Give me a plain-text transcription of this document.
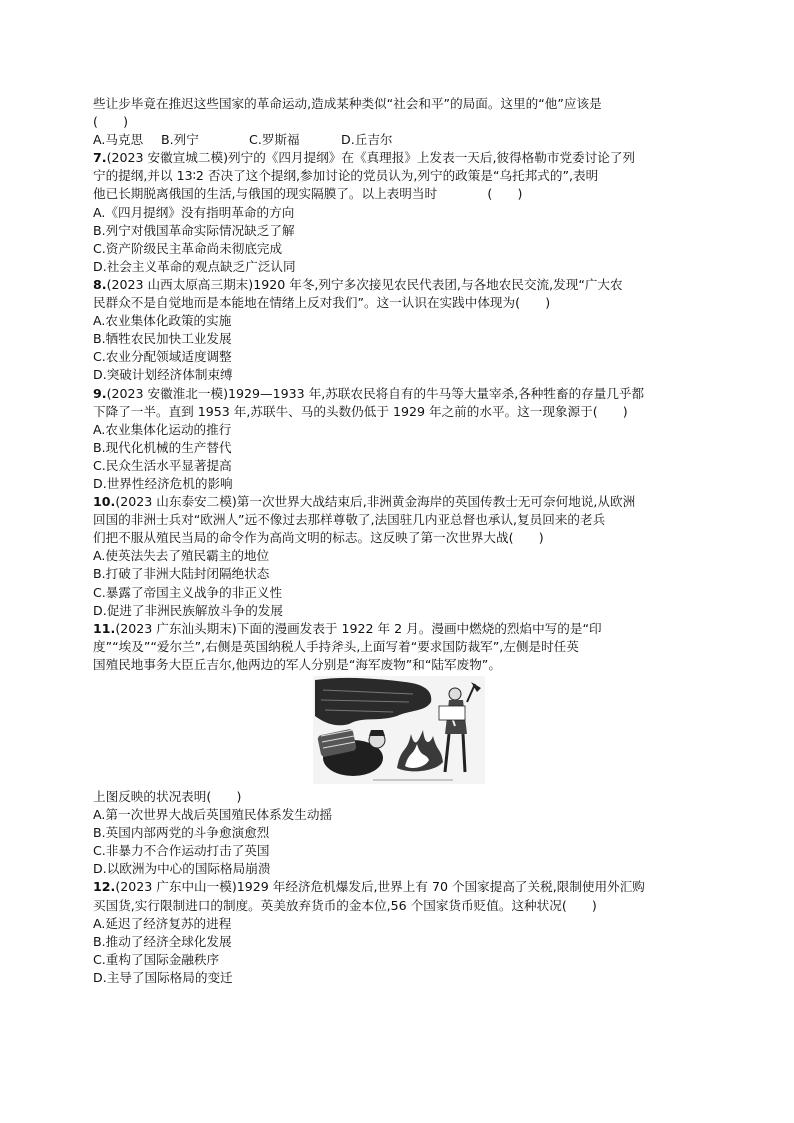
些让步毕竟在推迟这些国家的革命运动,造成某种类似“社会和平”的局面。这里的“他”应该是
(　　)
A.马克思 B.列宁	C.罗斯福	D.丘吉尔
7.(2023 安徽宣城二模)列宁的《四月提纲》在《真理报》上发表一天后,彼得格勒市党委讨论了列
宁的提纲,并以 13∶2 否决了这个提纲,参加讨论的党员认为,列宁的政策是“乌托邦式的”,表明
他已长期脱离俄国的生活,与俄国的现实隔膜了。以上表明当时　　　　(　　)
A.《四月提纲》没有指明革命的方向
B.列宁对俄国革命实际情况缺乏了解
C.资产阶级民主革命尚未彻底完成
D.社会主义革命的观点缺乏广泛认同
8.(2023 山西太原高三期末)1920 年冬,列宁多次接见农民代表团,与各地农民交流,发现“广大农
民群众不是自觉地而是本能地在情绪上反对我们”。这一认识在实践中体现为(　　)
A.农业集体化政策的实施
B.牺牲农民加快工业发展
C.农业分配领域适度调整
D.突破计划经济体制束缚
9.(2023 安徽淮北一模)1929—1933 年,苏联农民将自有的牛马等大量宰杀,各种牲畜的存量几乎都
下降了一半。直到 1953 年,苏联牛、马的头数仍低于 1929 年之前的水平。这一现象源于(　　)
A.农业集体化运动的推行
B.现代化机械的生产替代
C.民众生活水平显著提高
D.世界性经济危机的影响
10.(2023 山东泰安二模)第一次世界大战结束后,非洲黄金海岸的英国传教士无可奈何地说,从欧洲
回国的非洲士兵对“欧洲人”远不像过去那样尊敬了,法国驻几内亚总督也承认,复员回来的老兵
们把不服从殖民当局的命令作为高尚文明的标志。这反映了第一次世界大战(　　)
A.使英法失去了殖民霸主的地位
B.打破了非洲大陆封闭隔绝状态
C.暴露了帝国主义战争的非正义性
D.促进了非洲民族解放斗争的发展
11.(2023 广东汕头期末)下面的漫画发表于 1922 年 2 月。漫画中燃烧的烈焰中写的是“印
度”“埃及”“爱尔兰”,右侧是英国纳税人手持斧头,上面写着“要求国防裁军”,左侧是时任英
国殖民地事务大臣丘吉尔,他两边的军人分别是“海军废物”和“陆军废物”。
上图反映的状况表明(　　)
A.第一次世界大战后英国殖民体系发生动摇
B.英国内部两党的斗争愈演愈烈
C.非暴力不合作运动打击了英国
D.以欧洲为中心的国际格局崩溃
12.(2023 广东中山一模)1929 年经济危机爆发后,世界上有 70 个国家提高了关税,限制使用外汇购
买国货,实行限制进口的制度。英美放弃货币的金本位,56 个国家货币贬值。这种状况(　　)
A.延迟了经济复苏的进程
B.推动了经济全球化发展
C.重构了国际金融秩序
D.主导了国际格局的变迁
